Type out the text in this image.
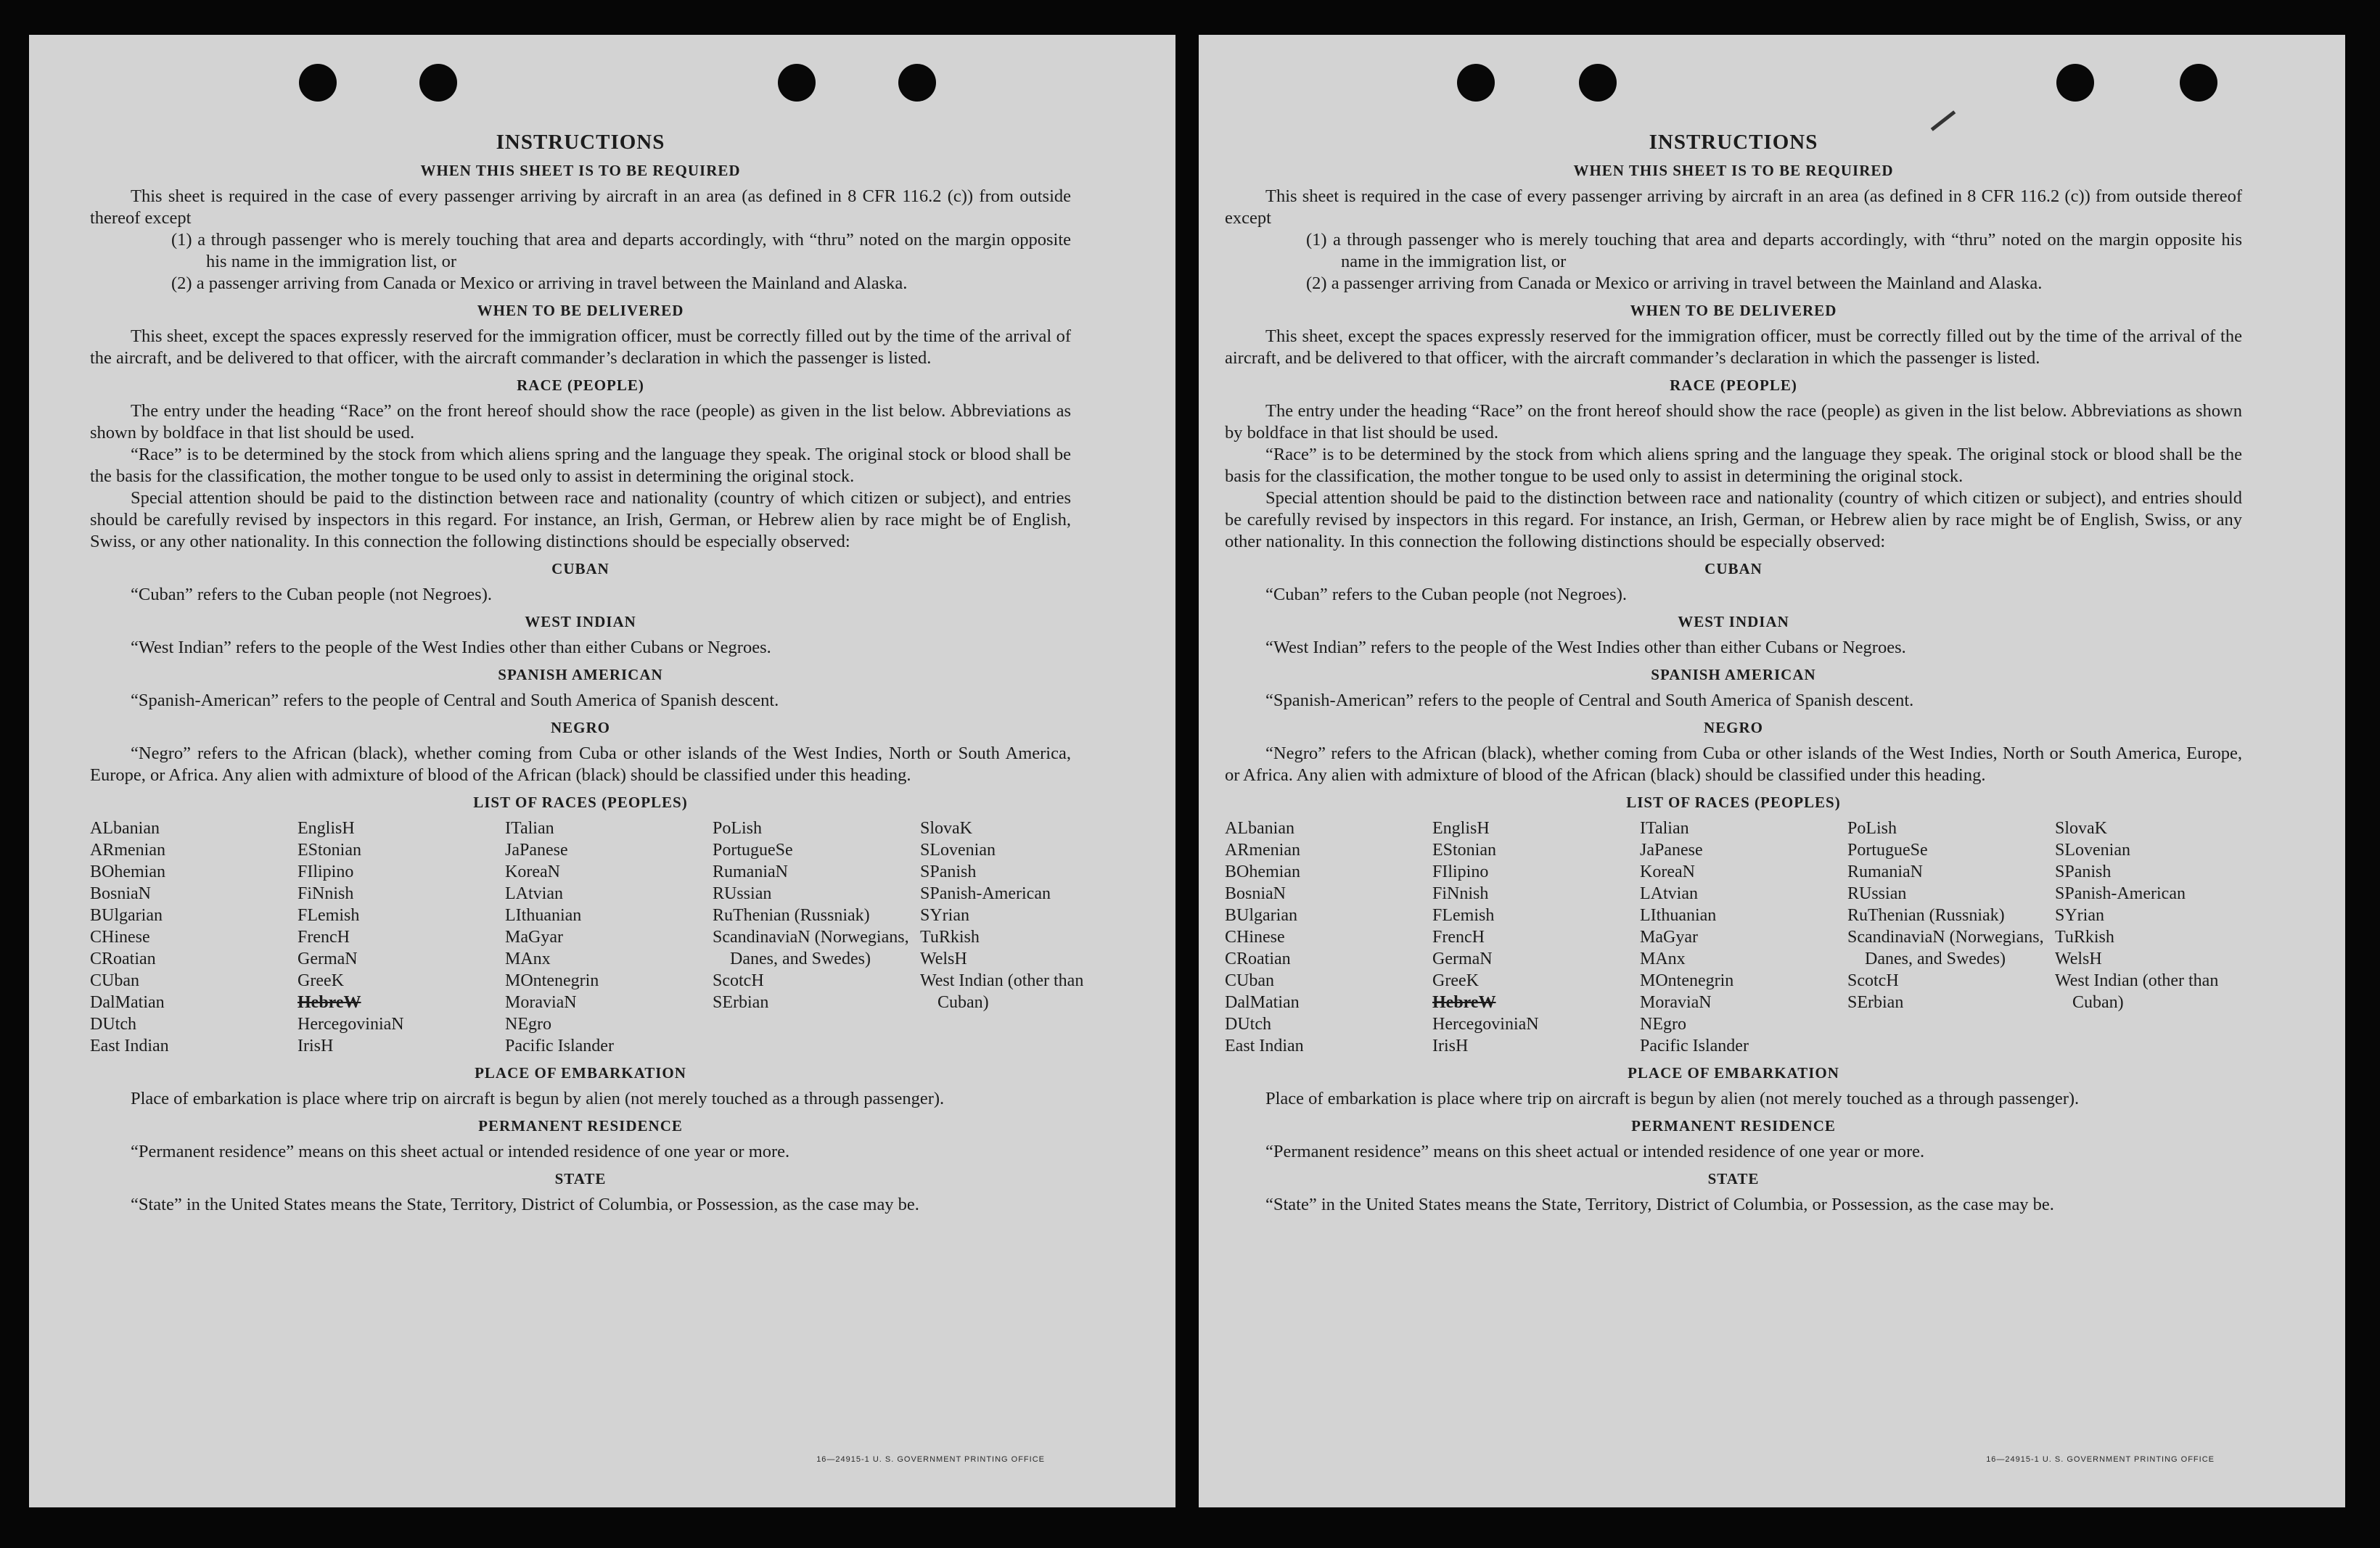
INSTRUCTIONS
WHEN THIS SHEET IS TO BE REQUIRED

This sheet is required in the case of every passenger arriving by aircraft in an area (as defined in 8 CFR 116.2 (c)) from outside thereof except

(1) a through passenger who is merely touching that area and departs accordingly, with “thru” noted on the margin opposite his name in the immigration list, or
(2) a passenger arriving from Canada or Mexico or arriving in travel between the Mainland and Alaska.
WHEN TO BE DELIVERED

This sheet, except the spaces expressly reserved for the immigration officer, must be correctly filled out by the time of the arrival of the aircraft, and be delivered to that officer, with the aircraft commander’s declaration in which the passenger is listed.

RACE (PEOPLE)

The entry under the heading “Race” on the front hereof should show the race (people) as given in the list below. Abbreviations as shown by boldface in that list should be used.

“Race” is to be determined by the stock from which aliens spring and the language they speak. The original stock or blood shall be the basis for the classification, the mother tongue to be used only to assist in determining the original stock.

Special attention should be paid to the distinction between race and nationality (country of which citizen or subject), and entries should be carefully revised by inspectors in this regard. For instance, an Irish, German, or Hebrew alien by race might be of English, Swiss, or any other nationality. In this connection the following distinctions should be especially observed:

CUBAN

“Cuban” refers to the Cuban people (not Negroes).

WEST INDIAN

“West Indian” refers to the people of the West Indies other than either Cubans or Negroes.

SPANISH AMERICAN

“Spanish-American” refers to the people of Central and South America of Spanish descent.

NEGRO

“Negro” refers to the African (black), whether coming from Cuba or other islands of the West Indies, North or South America, Europe, or Africa. Any alien with admixture of blood of the African (black) should be classified under this heading.

LIST OF RACES (PEOPLES)
ALbanian
ARmenian
BOhemian
BosniaN
BUlgarian
CHinese
CRoatian
CUban
DalMatian
DUtch
East Indian
EnglisH
EStonian
FIlipino
FiNnish
FLemish
FrencH
GermaN
GreeK
HebreW
HercegoviniaN
IrisH
ITalian
JaPanese
KoreaN
LAtvian
LIthuanian
MaGyar
MAnx
MOntenegrin
MoraviaN
NEgro
Pacific Islander
PoLish
PortugueSe
RumaniaN
RUssian
RuThenian (Russniak)
ScandinaviaN (Norwegians, Danes, and Swedes)
ScotcH
SErbian
SlovaK
SLovenian
SPanish
SPanish-American
SYrian
TuRkish
WelsH
West Indian (other than Cuban)
PLACE OF EMBARKATION

Place of embarkation is place where trip on aircraft is begun by alien (not merely touched as a through passenger).

PERMANENT RESIDENCE

“Permanent residence” means on this sheet actual or intended residence of one year or more.

STATE

“State” in the United States means the State, Territory, District of Columbia, or Possession, as the case may be.

16—24915-1 U. S. GOVERNMENT PRINTING OFFICE
INSTRUCTIONS
WHEN THIS SHEET IS TO BE REQUIRED

This sheet is required in the case of every passenger arriving by aircraft in an area (as defined in 8 CFR 116.2 (c)) from outside thereof except

(1) a through passenger who is merely touching that area and departs accordingly, with “thru” noted on the margin opposite his name in the immigration list, or
(2) a passenger arriving from Canada or Mexico or arriving in travel between the Mainland and Alaska.
WHEN TO BE DELIVERED

This sheet, except the spaces expressly reserved for the immigration officer, must be correctly filled out by the time of the arrival of the aircraft, and be delivered to that officer, with the aircraft commander’s declaration in which the passenger is listed.

RACE (PEOPLE)

The entry under the heading “Race” on the front hereof should show the race (people) as given in the list below. Abbreviations as shown by boldface in that list should be used.

“Race” is to be determined by the stock from which aliens spring and the language they speak. The original stock or blood shall be the basis for the classification, the mother tongue to be used only to assist in determining the original stock.

Special attention should be paid to the distinction between race and nationality (country of which citizen or subject), and entries should be carefully revised by inspectors in this regard. For instance, an Irish, German, or Hebrew alien by race might be of English, Swiss, or any other nationality. In this connection the following distinctions should be especially observed:

CUBAN

“Cuban” refers to the Cuban people (not Negroes).

WEST INDIAN

“West Indian” refers to the people of the West Indies other than either Cubans or Negroes.

SPANISH AMERICAN

“Spanish-American” refers to the people of Central and South America of Spanish descent.

NEGRO

“Negro” refers to the African (black), whether coming from Cuba or other islands of the West Indies, North or South America, Europe, or Africa. Any alien with admixture of blood of the African (black) should be classified under this heading.

LIST OF RACES (PEOPLES)
ALbanian
ARmenian
BOhemian
BosniaN
BUlgarian
CHinese
CRoatian
CUban
DalMatian
DUtch
East Indian
EnglisH
EStonian
FIlipino
FiNnish
FLemish
FrencH
GermaN
GreeK
HebreW
HercegoviniaN
IrisH
ITalian
JaPanese
KoreaN
LAtvian
LIthuanian
MaGyar
MAnx
MOntenegrin
MoraviaN
NEgro
Pacific Islander
PoLish
PortugueSe
RumaniaN
RUssian
RuThenian (Russniak)
ScandinaviaN (Norwegians, Danes, and Swedes)
ScotcH
SErbian
SlovaK
SLovenian
SPanish
SPanish-American
SYrian
TuRkish
WelsH
West Indian (other than Cuban)
PLACE OF EMBARKATION

Place of embarkation is place where trip on aircraft is begun by alien (not merely touched as a through passenger).

PERMANENT RESIDENCE

“Permanent residence” means on this sheet actual or intended residence of one year or more.

STATE

“State” in the United States means the State, Territory, District of Columbia, or Possession, as the case may be.

16—24915-1 U. S. GOVERNMENT PRINTING OFFICE
